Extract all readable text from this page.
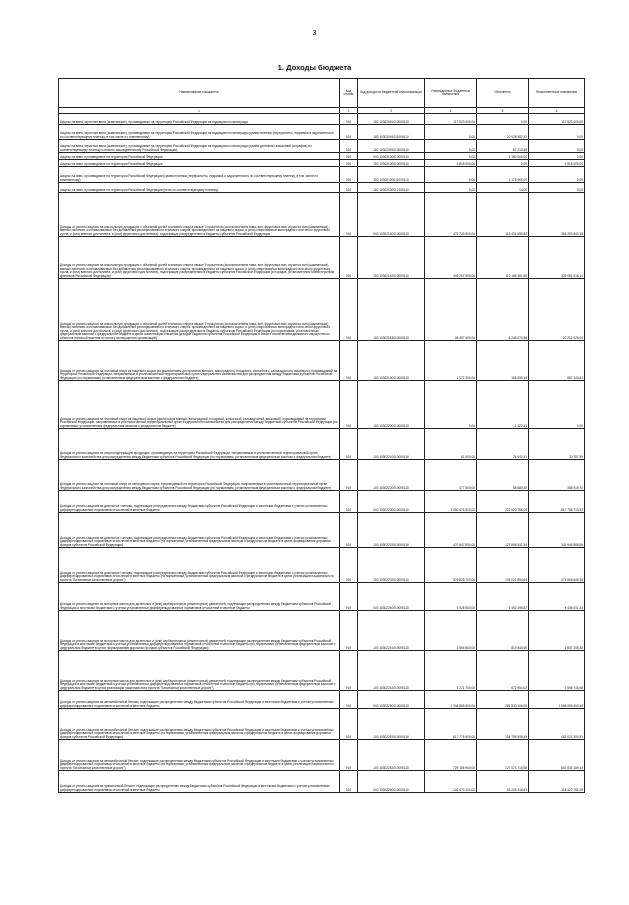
3
1. Доходы бюджета
Наименование показателя	Код строки	Код дохода по бюджетной классификации	Утвержденные бюджетные назначения	Исполнено	Неисполненные назначения
1	2	3	4	5	6
Акцизы на вина, игристые вина (шампанские), производимые на территории Российской Федерации из подакцизного винограда	010	182 10302091010000110	117 523 000,00	0,00	117 523 000,00
Акцизы на вина, игристые вина (шампанские), производимые на территории Российской Федерации из подакцизного винограда (сумма платежа (перерасчеты, недоимка и задолженность по соответствующему платежу, в том числе по отмененному)	010	182 10302091011000110	0,00	20 528 582,92	0,00
Акцизы на вина, игристые вина (шампанские), производимые на территории Российской Федерации из подакцизного винограда (суммы денежных взысканий (штрафов) по соответствующему платежу согласно законодательству Российской Федерации)	010	182 10302091013000110	0,00	87 213,69	0,00
Акцизы на пиво, производимое на территории Российской Федерации	010	000 10302100010000110	0,00	1 180 060,00	0,00
Акцизы на пиво, производимое на территории Российской Федерации	010	182 10302100010000110	6 818 000,00	0,00	6 818 000,00
Акцизы на пиво, производимое на территории Российской Федерации (сумма платежа (перерасчеты, недоимка и задолженность по соответствующему платежу, в том числе по отмененному)	010	182 10302100011000110	0,00	1 178 960,00	0,00
Акцизы на пиво, производимое на территории Российской Федерации (пени по соответствующему платежу)	010	182 10302100012100110	0,00	14,00	0,00
Доходы от уплаты акцизов на алкогольную продукцию с объемной долей этилового спирта свыше 9 процентов (за исключением пива, вин, фруктовых вин, игристых вин (шампанских), винных напитков, изготавливаемых без добавления ректификованного этилового спирта, произведенного из пищевого сырья, и (или) спиртованных виноградного или иного фруктового сусла, и (или) винного дистиллята, и (или) фруктового дистиллята), подлежащие распределению в бюджеты субъектов Российской Федерации	010	000 10302140010000110	475 725 500,00	116 431 656,82	359 293 843,18
Доходы от уплаты акцизов на алкогольную продукцию с объемной долей этилового спирта свыше 9 процентов (за исключением пива, вин, фруктовых вин, игристых вин (шампанских), винных напитков, изготавливаемых без добавления ректификованного этилового спирта, произведенного из пищевого сырья, и (или) спиртованных виноградного или иного фруктового сусла, и (или) винного дистиллята, и (или) фруктового дистиллята), подлежащие распределению в бюджеты субъектов Российской Федерации (в порядке, установленном Министерством финансов Российской Федерации)	010	100 10302142010000110	449 267 800,00	110 186 381,86	339 081 518,14
Доходы от уплаты акцизов на алкогольную продукцию с объемной долей этилового спирта свыше 9 процентов (за исключением пива, вин, фруктовых вин, игристых вин (шампанских), винных напитков, изготавливаемых без добавления ректификованного этилового спирта, произведенного из пищевого сырья, и (или) спиртованных виноградного или иного фруктового сусла, и (или) винного дистиллята, и (или) фруктового дистиллята), подлежащие распределению в бюджеты субъектов Российской Федерации (по нормативам, установленным федеральным законом о федеральном бюджете в целях компенсации снижения доходов бюджетов субъектов Российской Федерации в связи с исключением движимого имущества из объектов налогообложения по налогу на имущество организаций)	010	100 10302143010000110	26 457 600,00	6 245 574,96	20 212 025,04
Доходы от уплаты акцизов на этиловый спирт из пищевого сырья (за исключением дистиллятов винного, виноградного, плодового, коньячного, кальвадосного, вискового), производимый на территории Российской Федерации, направляемые в уполномоченный территориальный орган Федерального казначейства для распределения между бюджетами субъектов Российской Федерации (по нормативам, установленным федеральным законом о федеральном бюджете)	010	100 10302190010000110	1 072 200,00	185 055,19	887 144,81
Доходы от уплаты акцизов на этиловый спирт из пищевого сырья (дистилляты винный, виноградный, плодовый, коньячный, кальвадосный, висковый), производимый на территории Российской Федерации, направляемые в уполномоченный территориальный орган Федерального казначейства для распределения между бюджетами субъектов Российской Федерации (по нормативам, установленным федеральным законом о федеральном бюджете)	010	100 10302200010000110	0,00	-1 422,41	0,00
Доходы от уплаты акцизов на спиртосодержащую продукцию, производимую на территории Российской Федерации, направляемые в уполномоченный территориальный орган Федерального казначейства для распределения между бюджетами субъектов Российской Федерации (по нормативам, установленным федеральным законом о федеральном бюджете)	010	100 10302210010000110	51 800,00	21 042,41	30 757,59
Доходы от уплаты акцизов на этиловый спирт из непищевого сырья, производимый на территории Российской Федерации, направляемые в уполномоченный территориальный орган Федерального казначейства для распределения между бюджетами субъектов Российской Федерации (по нормативам, установленным федеральным законом о федеральном бюджете)	010	100 10302220010000110	477 600,00	88 680,30	388 919,70
Доходы от уплаты акцизов на дизельное топливо, подлежащие распределению между бюджетами субъектов Российской Федерации и местными бюджетами с учетом установленных дифференцированных нормативов отчислений в местные бюджеты	010	000 10302230010000110	1 050 676 500,00	232 920 786,09	817 755 713,92
Доходы от уплаты акцизов на дизельное топливо, подлежащие распределению между бюджетами субъектов Российской Федерации и местными бюджетами с учетом установленных дифференцированных нормативов отчислений в местные бюджеты (по нормативам, установленным федеральным законом о федеральном бюджете в целях формирования дорожных фондов субъектов Российской Федерации)	010	100 10302231010000110	470 847 800,00	127 898 931,44	342 948 868,56
Доходы от уплаты акцизов на дизельное топливо, подлежащие распределению между бюджетами субъектов Российской Федерации и местными бюджетами с учетом установленных дифференцированных нормативов отчислений в местные бюджеты (по нормативам, установленным федеральным законом о федеральном бюджете в целях реализации национального проекта "Безопасные качественные дороги")	010	100 10302232010000110	579 828 700,00	105 021 854,64	474 806 845,36
Доходы от уплаты акцизов на моторные масла для дизельных и (или) карбюраторных (инжекторных) двигателей, подлежащие распределению между бюджетами субъектов Российской Федерации и местными бюджетами с учетом установленных дифференцированных нормативов отчислений в местные бюджеты	010	000 10302240010000110	5 928 500,00	1 492 498,67	4 436 001,33
Доходы от уплаты акцизов на моторные масла для дизельных и (или) карбюраторных (инжекторных) двигателей, подлежащие распределению между бюджетами субъектов Российской Федерации и местными бюджетами с учетом установленных дифференцированных нормативов отчислений в местные бюджеты (по нормативам, установленным федеральным законом о федеральном бюджете в целях формирования дорожных фондов субъектов Российской Федерации)	010	100 10302241010000110	2 656 800,00	819 544,65	1 837 255,35
Доходы от уплаты акцизов на моторные масла для дизельных и (или) карбюраторных (инжекторных) двигателей, подлежащие распределению между бюджетами субъектов Российской Федерации и местными бюджетами с учетом установленных дифференцированных нормативов отчислений в местные бюджеты (по нормативам, установленным федеральным законом о федеральном бюджете в целях реализации национального проекта "Безопасные качественные дороги")	010	100 10302242010000110	3 271 700,00	672 954,02	2 598 745,98
Доходы от уплаты акцизов на автомобильный бензин, подлежащие распределению между бюджетами субъектов Российской Федерации и местными бюджетами с учетом установленных дифференцированных нормативов отчислений в местные бюджеты	010	000 10302250010000110	1 346 885 600,00	281 830 106,05	1 065 055 493,95
Доходы от уплаты акцизов на автомобильный бензин, подлежащие распределению между бюджетами субъектов Российской Федерации и местными бюджетами с учетом установленных дифференцированных нормативов отчислений в местные бюджеты (по нормативам, установленным федеральным законом о федеральном бюджете в целях формирования дорожных фондов субъектов Российской Федерации)	010	100 10302251010000110	617 776 900,00	154 755 595,49	463 021 304,51
Доходы от уплаты акцизов на автомобильный бензин, подлежащие распределению между бюджетами субъектов Российской Федерации и местными бюджетами с учетом установленных дифференцированных нормативов отчислений в местные бюджеты (по нормативам, установленным федеральным законом о федеральном бюджете в целях реализации национального проекта "Безопасные качественные дороги")	010	100 10302252010000110	729 108 900,00	127 074 710,56	602 034 189,44
Доходы от уплаты акцизов на прямогонный бензин, подлежащие распределению между бюджетами субъектов Российской Федерации и местными бюджетами с учетом установленных дифференцированных нормативов отчислений в местные бюджеты	010	000 10302260010000110	-149 670 100,00	-31 249 318,61	-118 420 781,39
